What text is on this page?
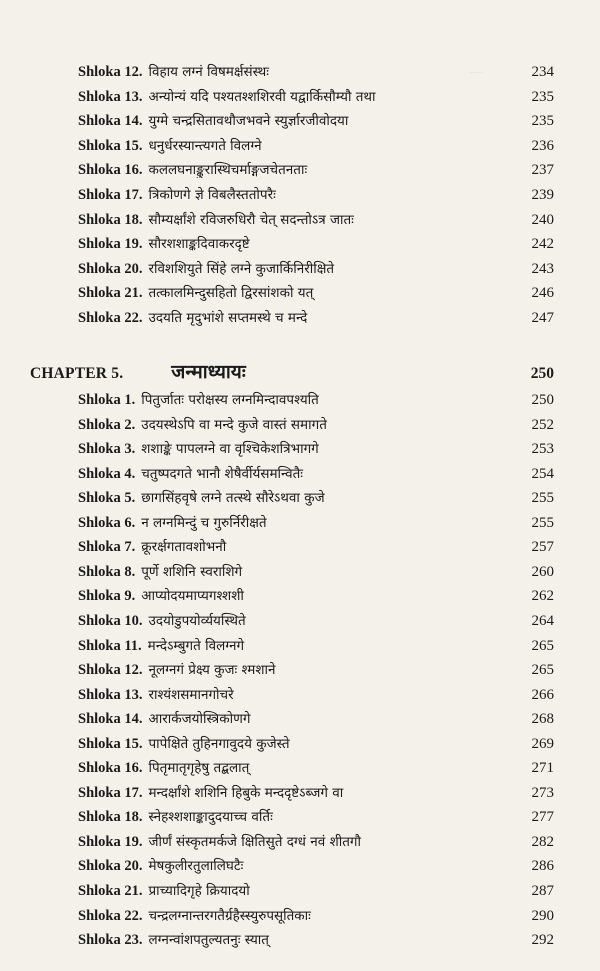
—
Shloka 12. विहाय लग्नं विषमर्क्षसंस्थः	234
Shloka 13. अन्योन्यं यदि पश्यतश्शशिरवी यद्वार्किसौम्यौ तथा	235
Shloka 14. युग्मे चन्द्रसितावथौजभवने स्युर्ज्ञारजीवोदया	235
Shloka 15. धनुर्धरस्यान्त्यगते विलग्ने	236
Shloka 16. कललघनाङ्कुरास्थिचर्माङ्गजचेतनताः	237
Shloka 17. त्रिकोणगे ज्ञे विबलैस्ततोपरैः	239
Shloka 18. सौम्यर्क्षांशे रविजरुधिरौ चेत् सदन्तोऽत्र जातः	240
Shloka 19. सौरशशाङ्कदिवाकरदृष्टे	242
Shloka 20. रविशशियुते सिंहे लग्ने कुजार्किनिरीक्षिते	243
Shloka 21. तत्कालमिन्दुसहितो द्विरसांशको यत्	246
Shloka 22. उदयति मृदुभांशे सप्तमस्थे च मन्दे	247
CHAPTER 5.	जन्माध्यायः	250
Shloka 1. पितुर्जातः परोक्षस्य लग्नमिन्दावपश्यति	250
Shloka 2. उदयस्थेऽपि वा मन्दे कुजे वास्तं समागते	252
Shloka 3. शशाङ्के पापलग्ने वा वृश्चिकेशत्रिभागगे	253
Shloka 4. चतुष्पदगते भानौ शेषैर्वीर्यसमन्वितैः	254
Shloka 5. छागसिंहवृषे लग्ने तत्स्थे सौरेऽथवा कुजे	255
Shloka 6. न लग्नमिन्दुं च गुरुर्निरीक्षते	255
Shloka 7. क्रूरर्क्षगतावशोभनौ	257
Shloka 8. पूर्णे शशिनि स्वराशिगे	260
Shloka 9. आप्योदयमाप्यगश्शशी	262
Shloka 10. उदयोडुपयोर्व्ययस्थिते	264
Shloka 11. मन्देऽम्बुगते विलग्नगे	265
Shloka 12. नूलग्नगं प्रेक्ष्य कुजः श्मशाने	265
Shloka 13. राश्यंशसमानगोचरे	266
Shloka 14. आरार्कजयोस्त्रिकोणगे	268
Shloka 15. पापेक्षिते तुहिनगावुदये कुजेस्ते	269
Shloka 16. पितृमातृगृहेषु तद्बलात्	271
Shloka 17. मन्दर्क्षांशे शशिनि हिबुके मन्ददृष्टेऽब्जगे वा	273
Shloka 18. स्नेहश्शशाङ्कादुदयाच्च वर्तिः	277
Shloka 19. जीर्णं संस्कृतमर्कजे क्षितिसुते दग्धं नवं शीतगौ	282
Shloka 20. मेषकुलीरतुलालिघटैः	286
Shloka 21. प्राच्यादिगृहे क्रियादयो	287
Shloka 22. चन्द्रलग्नान्तरगतैर्ग्रहैस्स्युरुपसूतिकाः	290
Shloka 23. लग्नन्वांशपतुल्यतनुः स्यात्	292
